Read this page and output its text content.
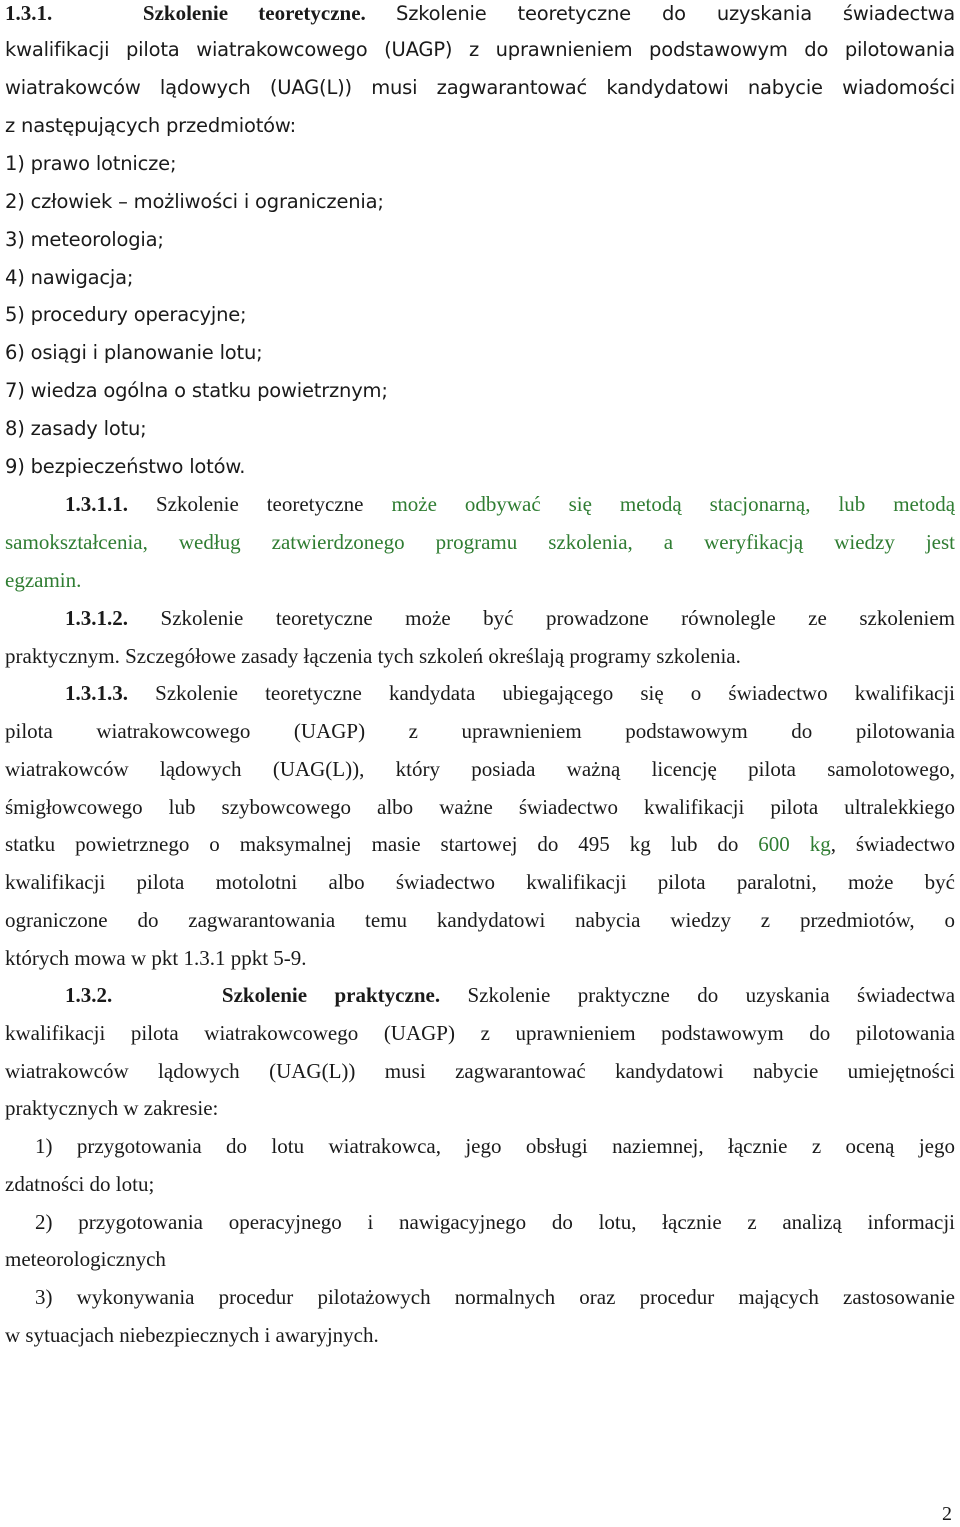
1.3.1.	Szkolenie teoretyczne. Szkolenie teoretyczne do uzyskania świadectwa
kwalifikacji pilota wiatrakowcowego (UAGP) z uprawnieniem podstawowym do pilotowania
wiatrakowców lądowych (UAG(L)) musi zagwarantować kandydatowi nabycie wiadomości
z następujących przedmiotów:
1) prawo lotnicze;
2) człowiek – możliwości i ograniczenia;
3) meteorologia;
4) nawigacja;
5) procedury operacyjne;
6) osiągi i planowanie lotu;
7) wiedza ogólna o statku powietrznym;
8) zasady lotu;
9) bezpieczeństwo lotów.
1.3.1.1. Szkolenie teoretyczne może odbywać się metodą stacjonarną, lub metodą
samokształcenia, według zatwierdzonego programu szkolenia, a weryfikacją wiedzy jest
egzamin.
1.3.1.2. Szkolenie teoretyczne może być prowadzone równolegle ze szkoleniem
praktycznym. Szczegółowe zasady łączenia tych szkoleń określają programy szkolenia.
1.3.1.3. Szkolenie teoretyczne kandydata ubiegającego się o świadectwo kwalifikacji
pilota wiatrakowcowego (UAGP) z uprawnieniem podstawowym do pilotowania
wiatrakowców lądowych (UAG(L)), który posiada ważną licencję pilota samolotowego,
śmigłowcowego lub szybowcowego albo ważne świadectwo kwalifikacji pilota ultralekkiego
statku powietrznego o maksymalnej masie startowej do 495 kg lub do 600 kg, świadectwo
kwalifikacji pilota motolotni albo świadectwo kwalifikacji pilota paralotni, może być
ograniczone do zagwarantowania temu kandydatowi nabycia wiedzy z przedmiotów, o
których mowa w pkt 1.3.1 ppkt 5-9.
1.3.2.	Szkolenie praktyczne. Szkolenie praktyczne do uzyskania świadectwa
kwalifikacji pilota wiatrakowcowego (UAGP) z uprawnieniem podstawowym do pilotowania
wiatrakowców lądowych (UAG(L)) musi zagwarantować kandydatowi nabycie umiejętności
praktycznych w zakresie:
1) przygotowania do lotu wiatrakowca, jego obsługi naziemnej, łącznie z oceną jego
zdatności do lotu;
2) przygotowania operacyjnego i nawigacyjnego do lotu, łącznie z analizą informacji
meteorologicznych
3) wykonywania procedur pilotażowych normalnych oraz procedur mających zastosowanie
w sytuacjach niebezpiecznych i awaryjnych.
2
